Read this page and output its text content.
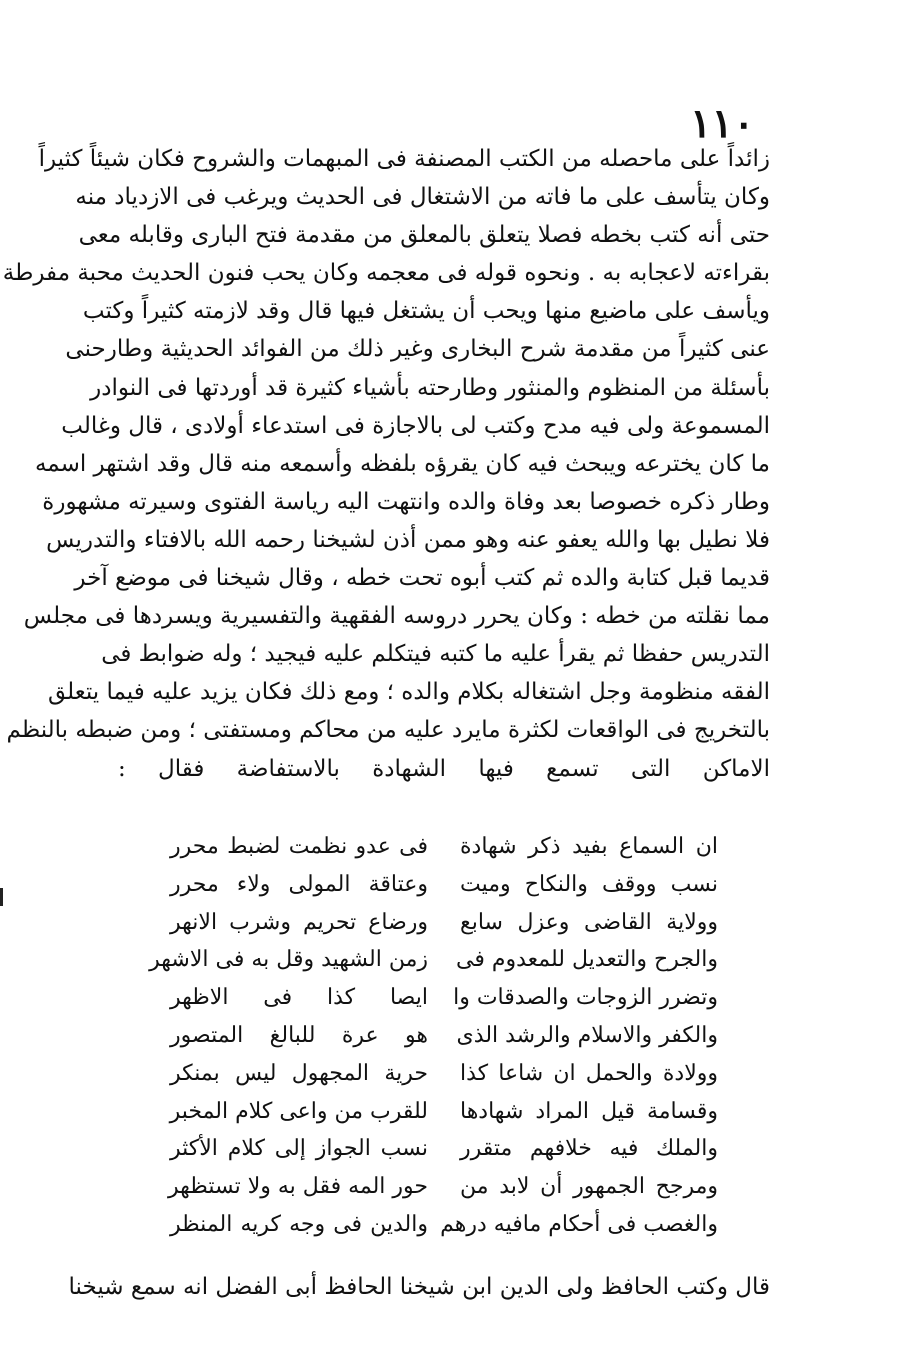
١١٠
زائداً على ماحصله من الكتب المصنفة فى المبهمات والشروح فكان شيئاً كثيراً
وكان يتأسف على ما فاته من الاشتغال فى الحديث ويرغب فى الازدياد منه
حتى أنه كتب بخطه فصلا يتعلق بالمعلق من مقدمة فتح البارى وقابله معى
بقراءته لاعجابه به . ونحوه قوله فى معجمه وكان يحب فنون الحديث محبة مفرطة
ويأسف على ماضيع منها ويحب أن يشتغل فيها قال وقد لازمته كثيراً وكتب
عنى كثيراً من مقدمة شرح البخارى وغير ذلك من الفوائد الحديثية وطارحنى
بأسئلة من المنظوم والمنثور وطارحته بأشياء كثيرة قد أوردتها فى النوادر
المسموعة ولى فيه مدح وكتب لى بالاجازة فى استدعاء أولادى ، قال وغالب
ما كان يخترعه ويبحث فيه كان يقرؤه بلفظه وأسمعه منه قال وقد اشتهر اسمه
وطار ذكره خصوصا بعد وفاة والده وانتهت اليه رياسة الفتوى وسيرته مشهورة
فلا نطيل بها والله يعفو عنه وهو ممن أذن لشيخنا رحمه الله بالافتاء والتدريس
قديما قبل كتابة والده ثم كتب أبوه تحت خطه ، وقال شيخنا فى موضع آخر
مما نقلته من خطه : وكان يحرر دروسه الفقهية والتفسيرية ويسردها فى مجلس
التدريس حفظا ثم يقرأ عليه ما كتبه فيتكلم عليه فيجيد ؛ وله ضوابط فى
الفقه منظومة وجل اشتغاله بكلام والده ؛ ومع ذلك فكان يزيد عليه فيما يتعلق
بالتخريج فى الواقعات لكثرة مايرد عليه من محاكم ومستفتى ؛ ومن ضبطه بالنظم
الاماكن التى تسمع فيها الشهادة بالاستفاضة فقال :
ان السماع بفيد ذكر شهادة
فى عدو نظمت لضبط محرر
نسب ووقف والنكاح وميت
وعتاقة المولى ولاء محرر
وولاية القاضى وعزل سابع
ورضاع تحريم وشرب الانهر
والجرح والتعديل للمعدوم فى
زمن الشهيد وقل به فى الاشهر
وتضرر الزوجات والصدقات وا
ايصا كذا فى الاظهر
والكفر والاسلام والرشد الذى
هو عرة للبالغ المتصور
وولادة والحمل ان شاعا كذا
حرية المجهول ليس بمنكر
وقسامة قيل المراد شهادها
للقرب من واعى كلام المخبر
والملك فيه خلافهم متقرر
نسب الجواز إلى كلام الأكثر
ومرجح الجمهور أن لابد من
حور المه فقل به ولا تستظهر
والغصب فى أحكام مافيه درهم
والدين فى وجه كريه المنظر
قال وكتب الحافظ ولى الدين ابن شيخنا الحافظ أبى الفضل انه سمع شيخنا
